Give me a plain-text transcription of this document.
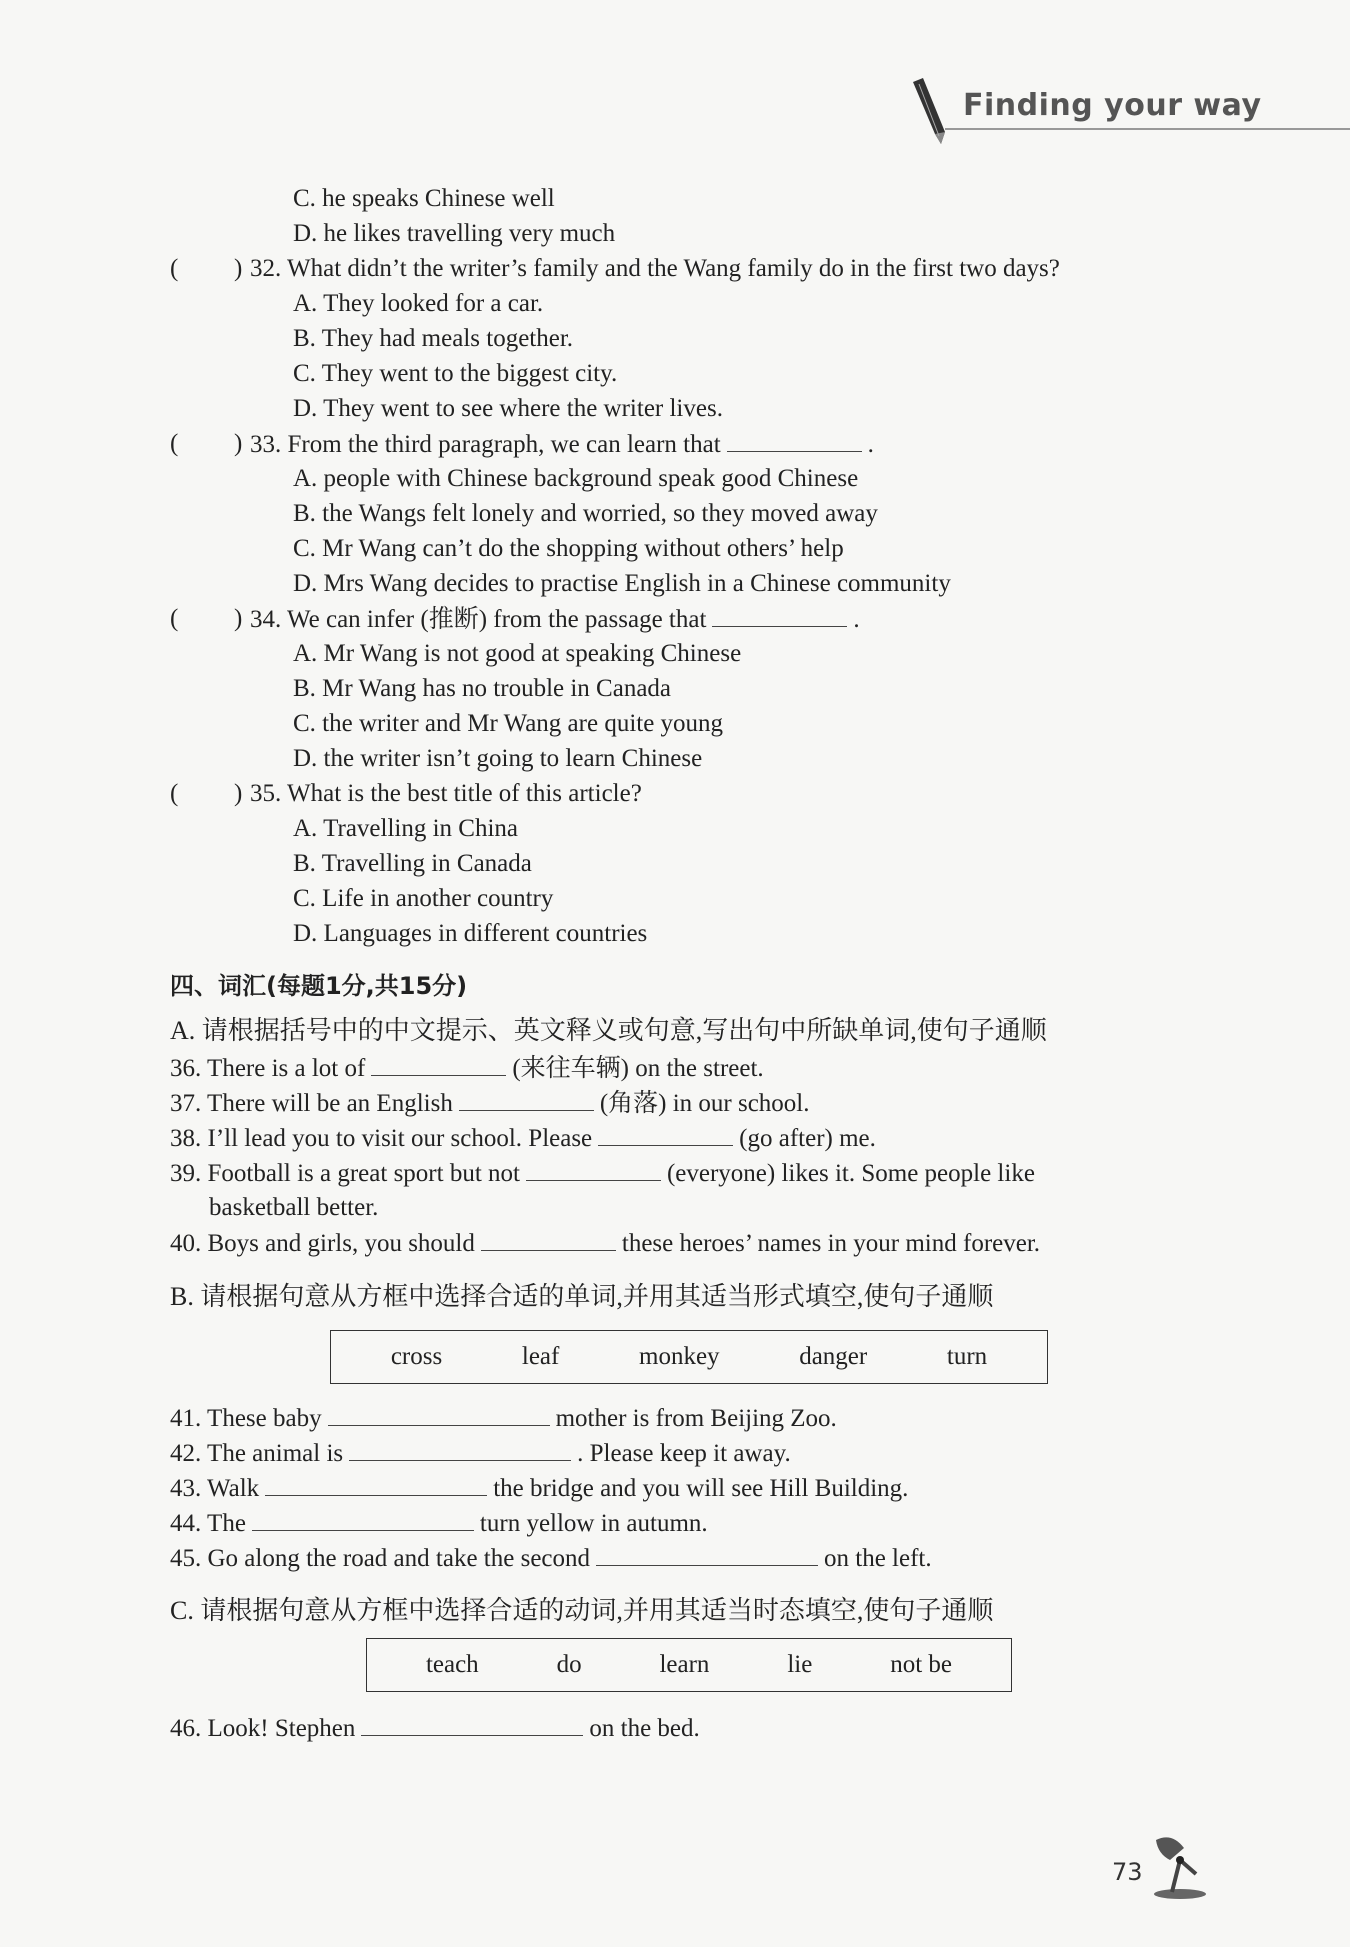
Finding your way
C. he speaks Chinese well
D. he likes travelling very much
( ) 32. What didn’t the writer’s family and the Wang family do in the first two days?
A. They looked for a car.
B. They had meals together.
C. They went to the biggest city.
D. They went to see where the writer lives.
( ) 33. From the third paragraph, we can learn that	.
A. people with Chinese background speak good Chinese
B. the Wangs felt lonely and worried, so they moved away
C. Mr Wang can’t do the shopping without others’ help
D. Mrs Wang decides to practise English in a Chinese community
( ) 34. We can infer (推断) from the passage that	.
A. Mr Wang is not good at speaking Chinese
B. Mr Wang has no trouble in Canada
C. the writer and Mr Wang are quite young
D. the writer isn’t going to learn Chinese
( ) 35. What is the best title of this article?
A. Travelling in China
B. Travelling in Canada
C. Life in another country
D. Languages in different countries
四、词汇(每题1分,共15分)
A. 请根据括号中的中文提示、英文释义或句意,写出句中所缺单词,使句子通顺
36. There is a lot of	(来往车辆) on the street.
37. There will be an English	(角落) in our school.
38. I’ll lead you to visit our school. Please	(go after) me.
39. Football is a great sport but not	(everyone) likes it. Some people like
basketball better.
40. Boys and girls, you should	these heroes’ names in your mind forever.
B. 请根据句意从方框中选择合适的单词,并用其适当形式填空,使句子通顺
cross	leaf	monkey	danger	turn
41. These baby	mother is from Beijing Zoo.
42. The animal is	. Please keep it away.
43. Walk	the bridge and you will see Hill Building.
44. The	turn yellow in autumn.
45. Go along the road and take the second	on the left.
C. 请根据句意从方框中选择合适的动词,并用其适当时态填空,使句子通顺
teach	do	learn	lie	not be
46. Look! Stephen	on the bed.
73
